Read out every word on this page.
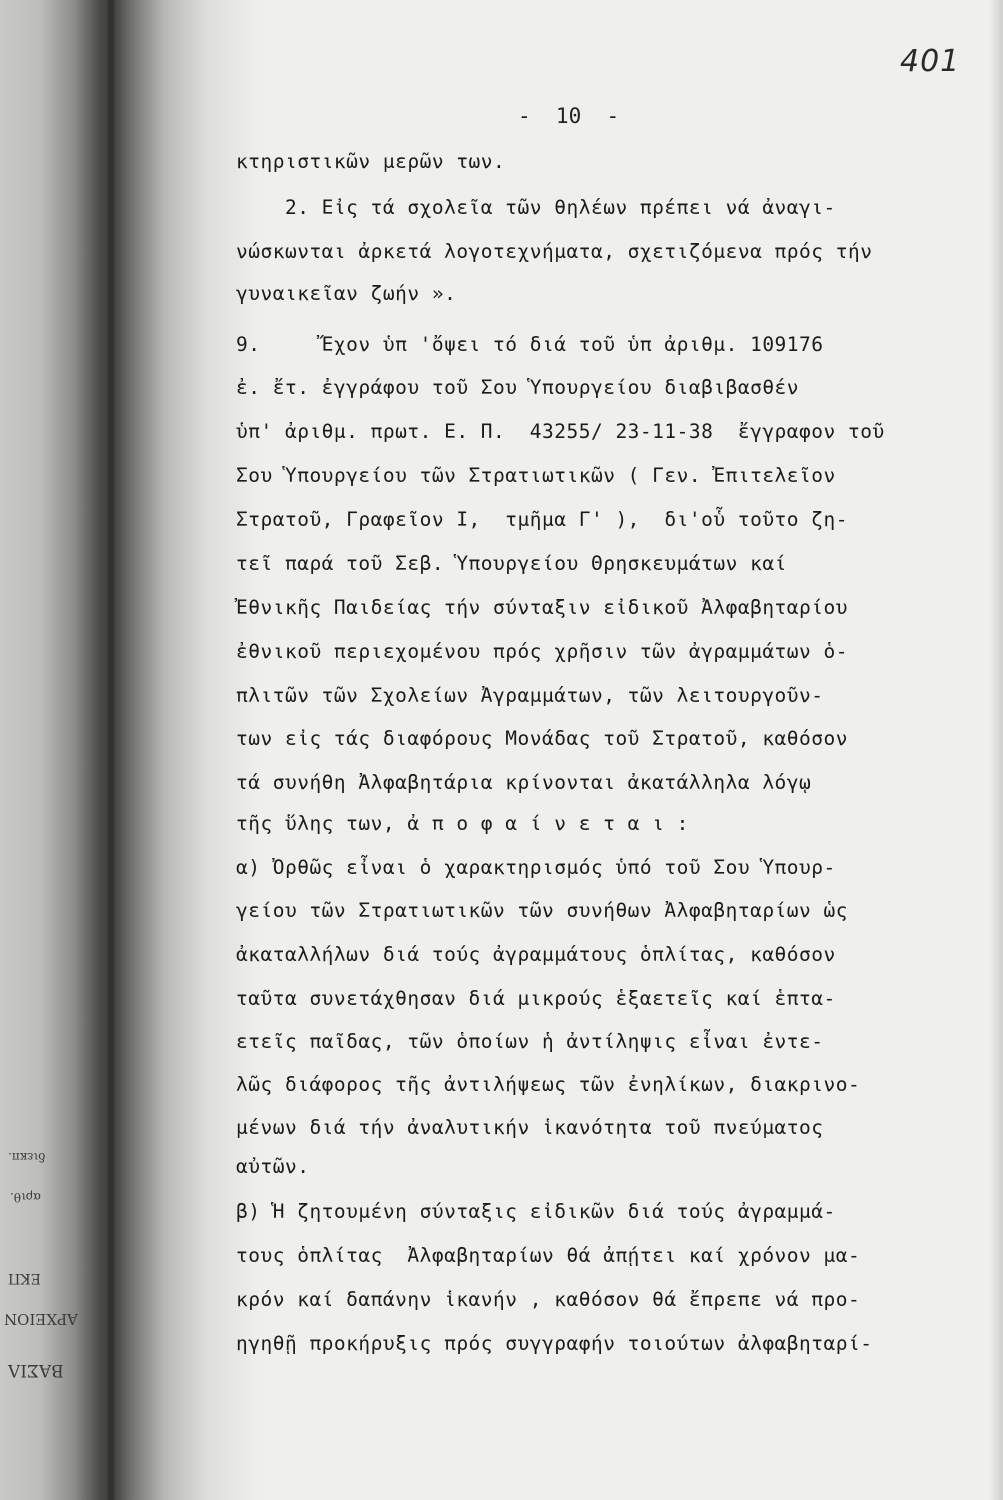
ΒΑΣΙΛ
ΑΡΧΕΙΟΝ
ΕΚΠ
αριθ.
διεκπ.
401
-  10  -
κτηριστικῶν μερῶν των.
2. Εἰς τά σχολεῖα τῶν θηλέων πρέπει νά ἀναγι-
νώσκωνται ἀρκετά λογοτεχνήματα, σχετιζόμενα πρός τήν
γυναικεῖαν ζωήν ».
9.     Ἔχον ὑπ 'ὄψει τό διά τοῦ ὑπ ἀριθμ. 109176
ἐ. ἔτ. ἐγγράφου τοῦ Σου Ὑπουργείου διαβιβασθέν
ὑπ' ἀριθμ. πρωτ. Ε. Π.  43255/ 23-11-38  ἔγγραφον τοῦ
Σου Ὑπουργείου τῶν Στρατιωτικῶν ( Γεν. Ἐπιτελεῖον
Στρατοῦ, Γραφεῖον Ι,  τμῆμα Γ' ),  δι'οὗ τοῦτο ζη-
τεῖ παρά τοῦ Σεβ. Ὑπουργείου Θρησκευμάτων καί
Ἐθνικῆς Παιδείας τήν σύνταξιν εἰδικοῦ Ἀλφαβηταρίου
ἐθνικοῦ περιεχομένου πρός χρῆσιν τῶν ἀγραμμάτων ὁ-
πλιτῶν τῶν Σχολείων Ἀγραμμάτων, τῶν λειτουργοῦν-
των εἰς τάς διαφόρους Μονάδας τοῦ Στρατοῦ, καθόσον
τά συνήθη Ἀλφαβητάρια κρίνονται ἀκατάλληλα λόγῳ
τῆς ὕλης των, ἀ π ο φ α ί ν ε τ α ι :
α) Ὀρθῶς εἶναι ὁ χαρακτηρισμός ὑπό τοῦ Σου Ὑπουρ-
γείου τῶν Στρατιωτικῶν τῶν συνήθων Ἀλφαβηταρίων ὡς
ἀκαταλλήλων διά τούς ἀγραμμάτους ὁπλίτας, καθόσον
ταῦτα συνετάχθησαν διά μικρούς ἑξαετεῖς καί ἑπτα-
ετεῖς παῖδας, τῶν ὁποίων ἡ ἀντίληψις εἶναι ἐντε-
λῶς διάφορος τῆς ἀντιλήψεως τῶν ἐνηλίκων, διακρινο-
μένων διά τήν ἀναλυτικήν ἱκανότητα τοῦ πνεύματος
αὐτῶν.
β) Ἡ ζητουμένη σύνταξις εἰδικῶν διά τούς ἀγραμμά-
τους ὁπλίτας  Ἀλφαβηταρίων θά ἀπῄτει καί χρόνον μα-
κρόν καί δαπάνην ἱκανήν , καθόσον θά ἔπρεπε νά προ-
ηγηθῇ προκήρυξις πρός συγγραφήν τοιούτων ἀλφαβηταρί-
